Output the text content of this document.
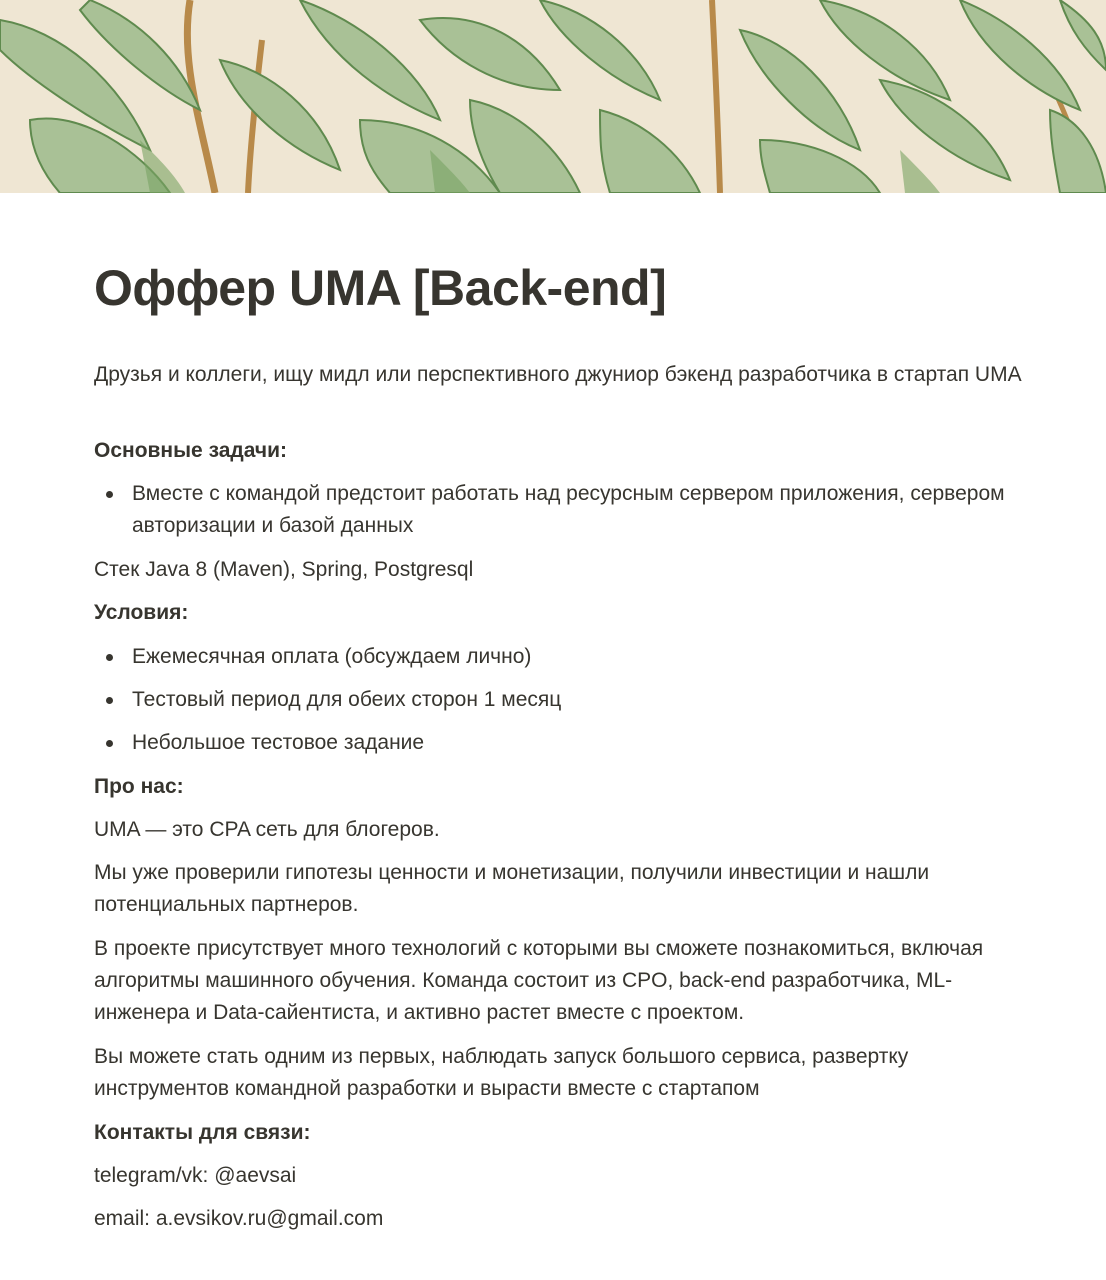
Оффер UMA [Back-end]

Друзья и коллеги, ищу мидл или перспективного джуниор бэкенд разработчика в стартап UMA

Основные задачи:

Вместе с командой предстоит работать над ресурсным сервером приложения, сервером авторизации и базой данных

Стек Java 8 (Maven), Spring, Postgresql

Условия:

Ежемесячная оплата (обсуждаем лично)
Тестовый период для обеих сторон 1 месяц
Небольшое тестовое задание

Про нас:

UMA — это CPA сеть для блогеров.

Мы уже проверили гипотезы ценности и монетизации, получили инвестиции и нашли потенциальных партнеров.

В проекте присутствует много технологий с которыми вы сможете познакомиться, включая алгоритмы машинного обучения. Команда состоит из CPO, back-end разработчика, ML-инженера и Data-сайентиста, и активно растет вместе с проектом.

Вы можете стать одним из первых, наблюдать запуск большого сервиса, развертку инструментов командной разработки и вырасти вместе с стартапом

Контакты для связи:

telegram/vk: @aevsai

email: a.evsikov.ru@gmail.com
